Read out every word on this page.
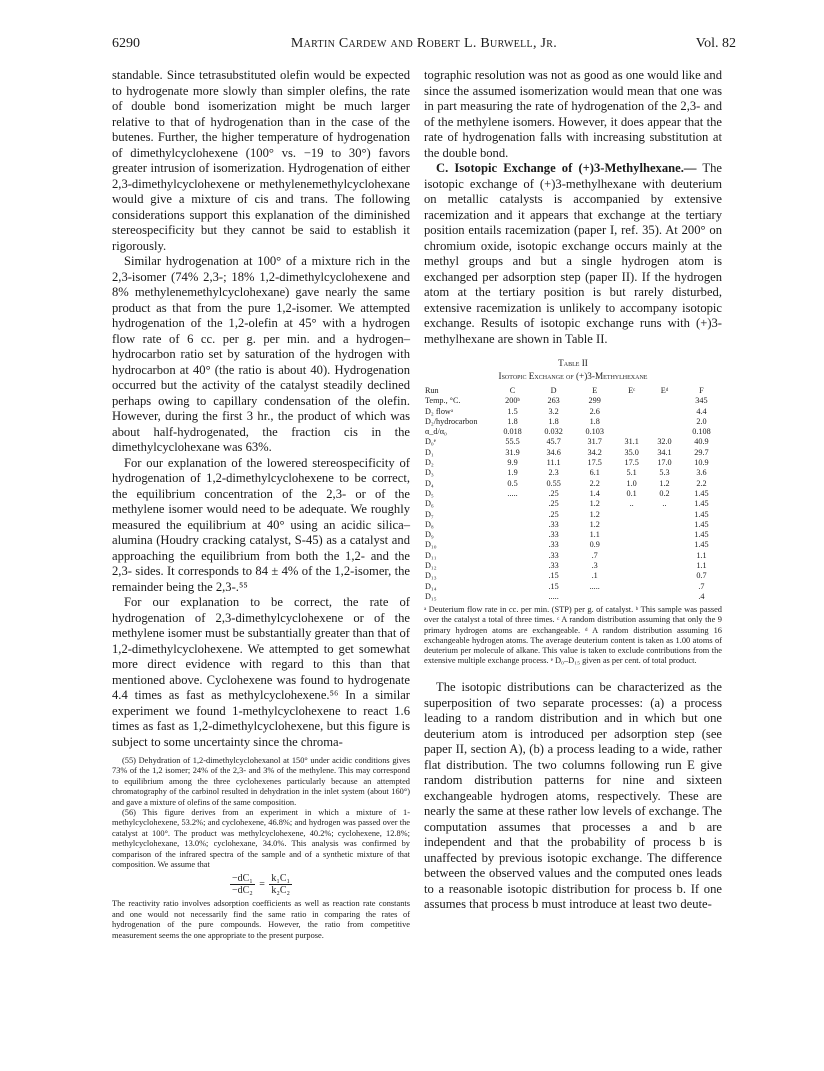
6290	Martin Cardew and Robert L. Burwell, Jr.	Vol. 82

standable. Since tetrasubstituted olefin would be expected to hydrogenate more slowly than simpler olefins, the rate of double bond isomerization might be much larger relative to that of hydrogenation than in the case of the butenes. Further, the higher temperature of hydrogenation of dimethylcyclohexene (100° vs. −19 to 30°) favors greater intrusion of isomerization. Hydrogenation of either 2,3-dimethylcyclohexene or methylenemethylcyclohexane would give a mixture of cis and trans. The following considerations support this explanation of the diminished stereospecificity but they cannot be said to establish it rigorously.

Similar hydrogenation at 100° of a mixture rich in the 2,3-isomer (74% 2,3-; 18% 1,2-dimethylcyclohexene and 8% methylenemethylcyclohexane) gave nearly the same product as that from the pure 1,2-isomer. We attempted hydrogenation of the 1,2-olefin at 45° with a hydrogen flow rate of 6 cc. per g. per min. and a hydrogen–hydrocarbon ratio set by saturation of the hydrogen with hydrocarbon at 40° (the ratio is about 40). Hydrogenation occurred but the activity of the catalyst steadily declined perhaps owing to capillary condensation of the olefin. However, during the first 3 hr., the product of which was about half-hydrogenated, the fraction cis in the dimethylcyclohexane was 63%.

For our explanation of the lowered stereospecificity of hydrogenation of 1,2-dimethylcyclohexene to be correct, the equilibrium concentration of the 2,3- or of the methylene isomer would need to be adequate. We roughly measured the equilibrium at 40° using an acidic silica–alumina (Houdry cracking catalyst, S-45) as a catalyst and approaching the equilibrium from both the 1,2- and the 2,3- sides. It corresponds to 84 ± 4% of the 1,2-isomer, the remainder being the 2,3-.⁵⁵

For our explanation to be correct, the rate of hydrogenation of 2,3-dimethylcyclohexene or of the methylene isomer must be substantially greater than that of 1,2-dimethylcyclohexene. We attempted to get somewhat more direct evidence with regard to this than that mentioned above. Cyclohexene was found to hydrogenate 4.4 times as fast as methylcyclohexene.⁵⁶ In a similar experiment we found 1-methylcyclohexene to react 1.6 times as fast as 1,2-dimethylcyclohexene, but this figure is subject to some uncertainty since the chroma-

(55) Dehydration of 1,2-dimethylcyclohexanol at 150° under acidic conditions gives 73% of the 1,2 isomer; 24% of the 2,3- and 3% of the methylene. This may correspond to equilibrium among the three cyclohexenes particularly because an attempted chromatography of the carbinol resulted in dehydration in the inlet system (about 160°) and gave a mixture of olefins of the same composition.

(56) This figure derives from an experiment in which a mixture of 1-methylcyclohexene, 53.2%; and cyclohexene, 46.8%; and hydrogen was passed over the catalyst at 100°. The product was methylcyclohexene, 40.2%; cyclohexene, 12.8%; methylcyclohexane, 13.0%; cyclohexane, 34.0%. This analysis was confirmed by comparison of the infrared spectra of the sample and of a synthetic mixture of that composition. We assume that

$\frac{\text{−dC₁}}{\text{−dC₂}} = \frac{\text{k₁C₁}}{\text{k₂C₂}}$

The reactivity ratio involves adsorption coefficients as well as reaction rate constants and one would not necessarily find the same ratio in comparing the rates of hydrogenation of the pure compounds. However, the ratio from competitive measurement seems the one appropriate to the present purpose.

tographic resolution was not as good as one would like and since the assumed isomerization would mean that one was in part measuring the rate of hydrogenation of the 2,3- and of the methylene isomers. However, it does appear that the rate of hydrogenation falls with increasing substitution at the double bond.

C. Isotopic Exchange of (+)3-Methylhexane.— The isotopic exchange of (+)3-methylhexane with deuterium on metallic catalysts is accompanied by extensive racemization and it appears that exchange at the tertiary position entails racemization (paper I, ref. 35). At 200° on chromium oxide, isotopic exchange occurs mainly at the methyl groups and but a single hydrogen atom is exchanged per adsorption step (paper II). If the hydrogen atom at the tertiary position is but rarely disturbed, extensive racemization is unlikely to accompany isotopic exchange. Results of isotopic exchange runs with (+)3-methylhexane are shown in Table II.

Table II
Isotopic Exchange of (+)3-Methylhexane
Run	C	D	E	Eᶜ	Eᵈ	F
Temp., °C.	200ᵇ	263	299			345
D₂ flowᵃ	1.5	3.2	2.6			4.4
D₂/hydrocarbon	1.8	1.8	1.8			2.0
α_d/α₀	0.018	0.032	0.103			0.108
D₀ᵉ	55.5	45.7	31.7	31.1	32.0	40.9
D₁	31.9	34.6	34.2	35.0	34.1	29.7
D₂	9.9	11.1	17.5	17.5	17.0	10.9
D₃	1.9	2.3	6.1	5.1	5.3	3.6
D₄	0.5	0.55	2.2	1.0	1.2	2.2
D₅	.....	.25	1.4	0.1	0.2	1.45
D₆		.25	1.2	..	..	1.45
D₇		.25	1.2			1.45
D₈		.33	1.2			1.45
D₉		.33	1.1			1.45
D₁₀		.33	0.9			1.45
D₁₁		.33	.7			1.1
D₁₂		.33	.3			1.1
D₁₃		.15	.1			0.7
D₁₄		.15	.....			.7
D₁₅		.....				.4

ᵃ Deuterium flow rate in cc. per min. (STP) per g. of catalyst. ᵇ This sample was passed over the catalyst a total of three times. ᶜ A random distribution assuming that only the 9 primary hydrogen atoms are exchangeable. ᵈ A random distribution assuming 16 exchangeable hydrogen atoms. The average deuterium content is taken as 1.00 atoms of deuterium per molecule of alkane. This value is taken to exclude contributions from the extensive multiple exchange process. ᵉ D₀–D₁₅ given as per cent. of total product.

The isotopic distributions can be characterized as the superposition of two separate processes: (a) a process leading to a random distribution and in which but one deuterium atom is introduced per adsorption step (see paper II, section A), (b) a process leading to a wide, rather flat distribution. The two columns following run E give random distribution patterns for nine and sixteen exchangeable hydrogen atoms, respectively. These are nearly the same at these rather low levels of exchange. The computation assumes that processes a and b are independent and that the probability of process b is unaffected by previous isotopic exchange. The difference between the observed values and the computed ones leads to a reasonable isotopic distribution for process b. If one assumes that process b must introduce at least two deute-
